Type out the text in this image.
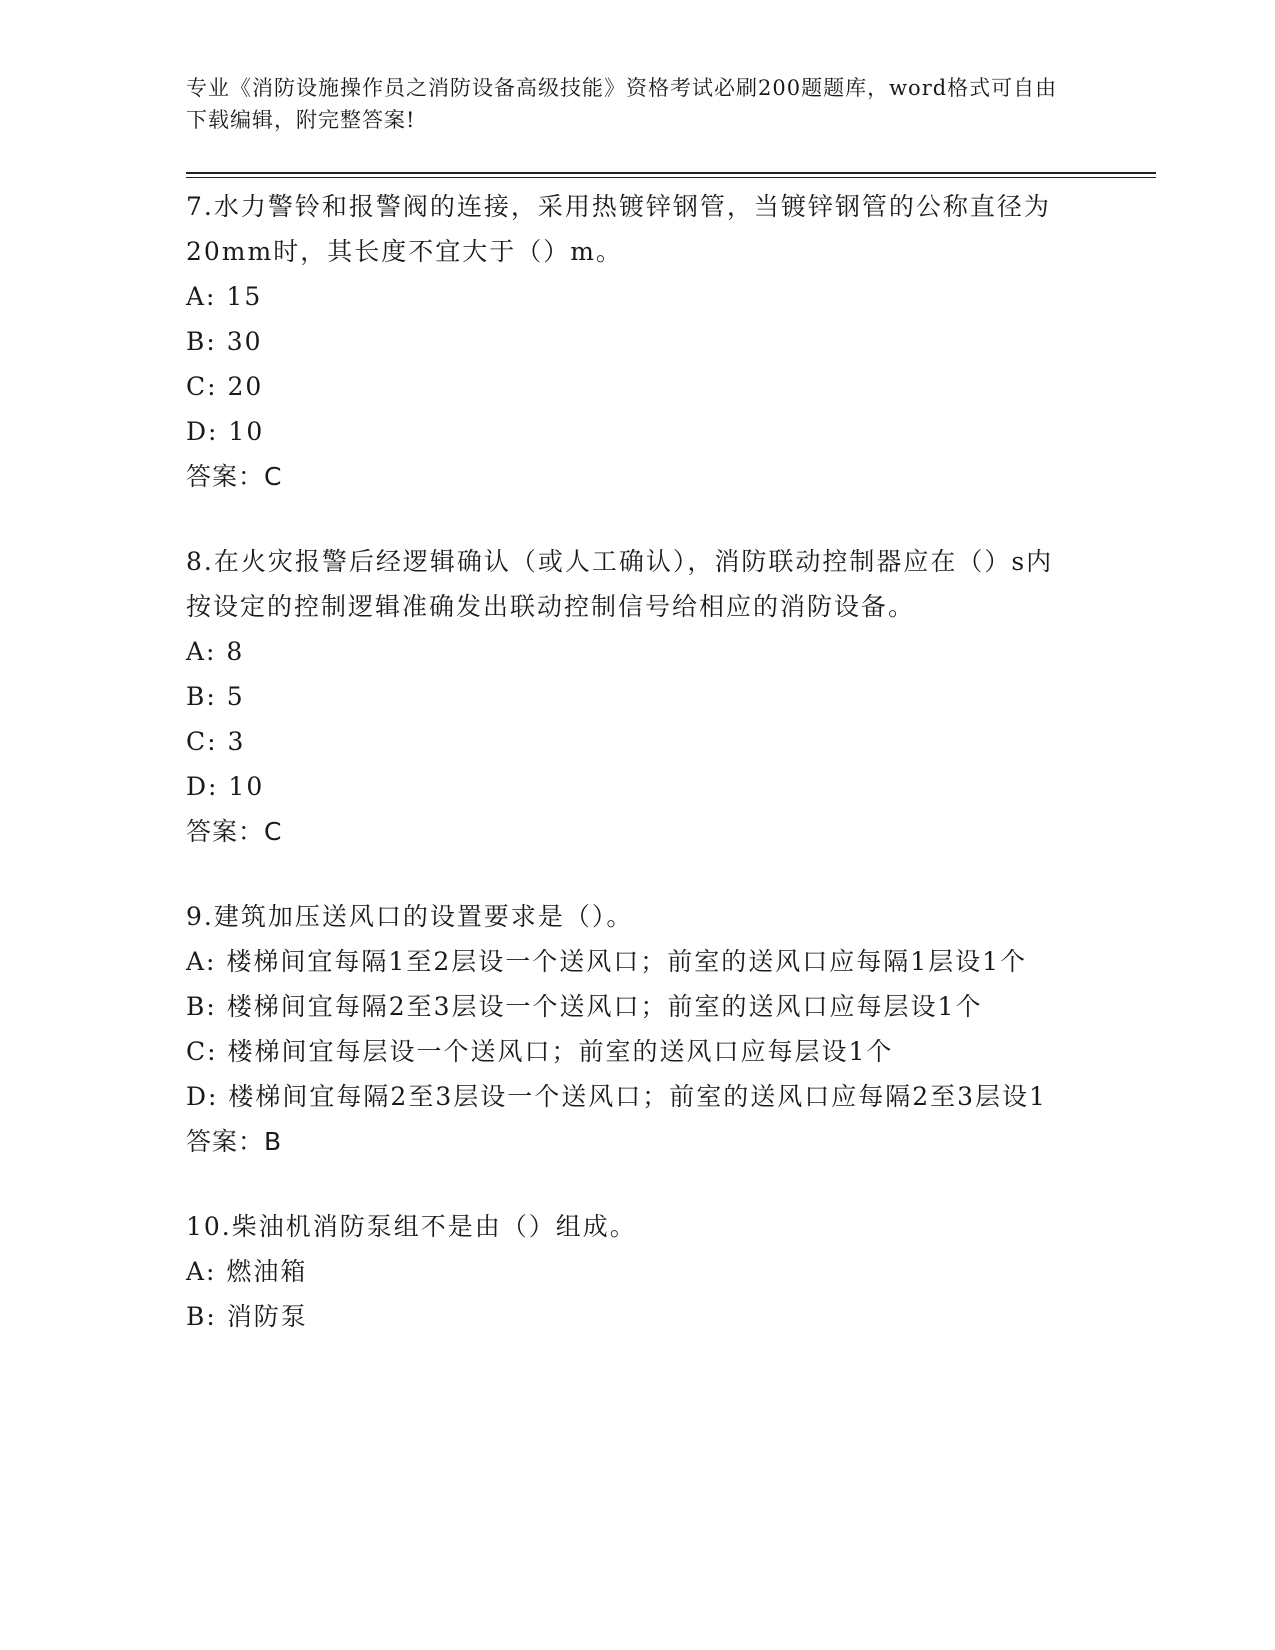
专业《消防设施操作员之消防设备高级技能》资格考试必刷200题题库，word格式可自由下载编辑，附完整答案!

7.水力警铃和报警阀的连接，采用热镀锌钢管，当镀锌钢管的公称直径为20mm时，其长度不宜大于（）m。

A: 15

B: 30

C: 20

D: 10

答案：C

8.在火灾报警后经逻辑确认（或人工确认），消防联动控制器应在（）s内按设定的控制逻辑准确发出联动控制信号给相应的消防设备。

A: 8

B: 5

C: 3

D: 10

答案：C

9.建筑加压送风口的设置要求是（）。

A: 楼梯间宜每隔1至2层设一个送风口；前室的送风口应每隔1层设1个

B: 楼梯间宜每隔2至3层设一个送风口；前室的送风口应每层设1个

C: 楼梯间宜每层设一个送风口；前室的送风口应每层设1个

D: 楼梯间宜每隔2至3层设一个送风口；前室的送风口应每隔2至3层设1

答案：B

10.柴油机消防泵组不是由（）组成。

A: 燃油箱

B: 消防泵
